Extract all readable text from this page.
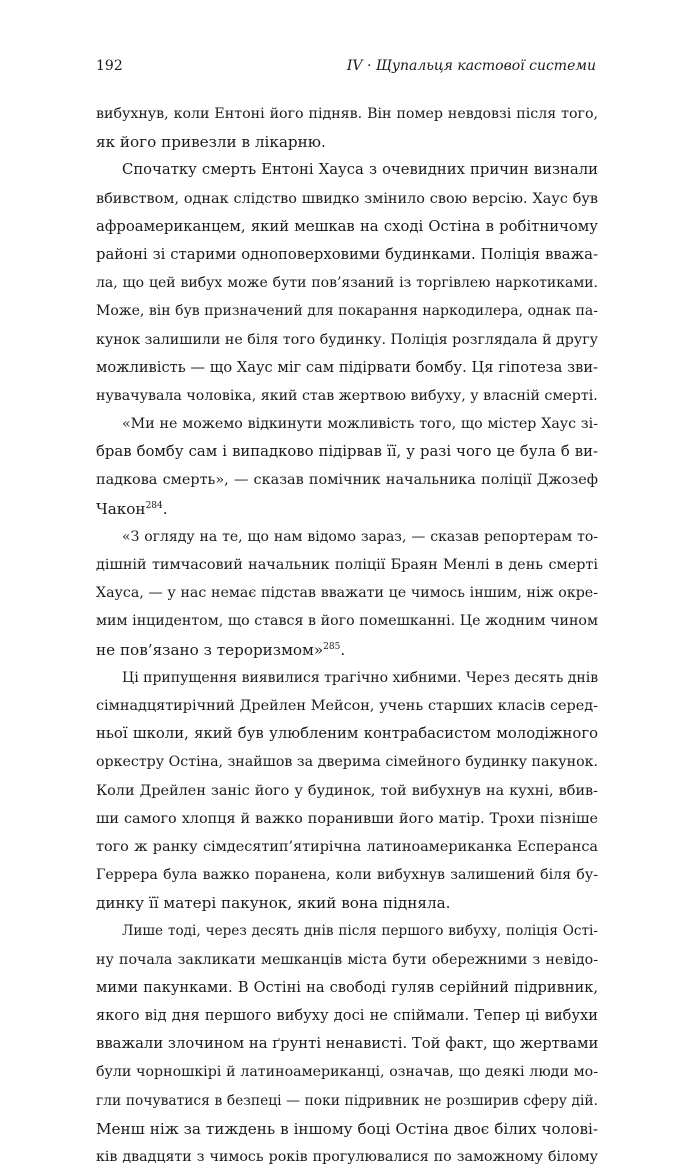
192	IV · Щупальця кастової системи
вибухнув, коли Ентоні його підняв. Він помер невдовзі після того,
як його привезли в лікарню.
Спочатку смерть Ентоні Хауса з очевидних причин визнали
вбивством, однак слідство швидко змінило свою версію. Хаус був
афроамериканцем, який мешкав на сході Остіна в робітничому
районі зі старими одноповерховими будинками. Поліція вважа-
ла, що цей вибух може бути пов’язаний із торгівлею наркотиками.
Може, він був призначений для покарання наркодилера, однак па-
кунок залишили не біля того будинку. Поліція розглядала й другу
можливість — що Хаус міг сам підірвати бомбу. Ця гіпотеза зви-
нувачувала чоловіка, який став жертвою вибуху, у власній смерті.
«Ми не можемо відкинути можливість того, що містер Хаус зі-
брав бомбу сам і випадково підірвав її, у разі чого це була б ви-
падкова смерть», — сказав помічник начальника поліції Джозеф
Чакон$^{284}$.
«З огляду на те, що нам відомо зараз, — сказав репортерам то-
дішній тимчасовий начальник поліції Браян Менлі в день смерті
Хауса, — у нас немає підстав вважати це чимось іншим, ніж окре-
мим інцидентом, що стався в його помешканні. Це жодним чином
не пов’язано з тероризмом»$^{285}$.
Ці припущення виявилися трагічно хибними. Через десять днів
сімнадцятирічний Дрейлен Мейсон, учень старших класів серед-
ньої школи, який був улюбленим контрабасистом молодіжного
оркестру Остіна, знайшов за дверима сімейного будинку пакунок.
Коли Дрейлен заніс його у будинок, той вибухнув на кухні, вбив-
ши самого хлопця й важко поранивши його матір. Трохи пізніше
того ж ранку сімдесятип’ятирічна латиноамериканка Есперанса
Геррера була важко поранена, коли вибухнув залишений біля бу-
динку її матері пакунок, який вона підняла.
Лише тоді, через десять днів після першого вибуху, поліція Ості-
ну почала закликати мешканців міста бути обережними з невідо-
мими пакунками. В Остіні на свободі гуляв серійний підривник,
якого від дня першого вибуху досі не спіймали. Тепер ці вибухи
вважали злочином на ґрунті ненависті. Той факт, що жертвами
були чорношкірі й латиноамериканці, означав, що деякі люди мо-
гли почуватися в безпеці — поки підривник не розширив сферу дій.
Менш ніж за тиждень в іншому боці Остіна двоє білих чолові-
ків двадцяти з чимось років прогулювалися по заможному білому
